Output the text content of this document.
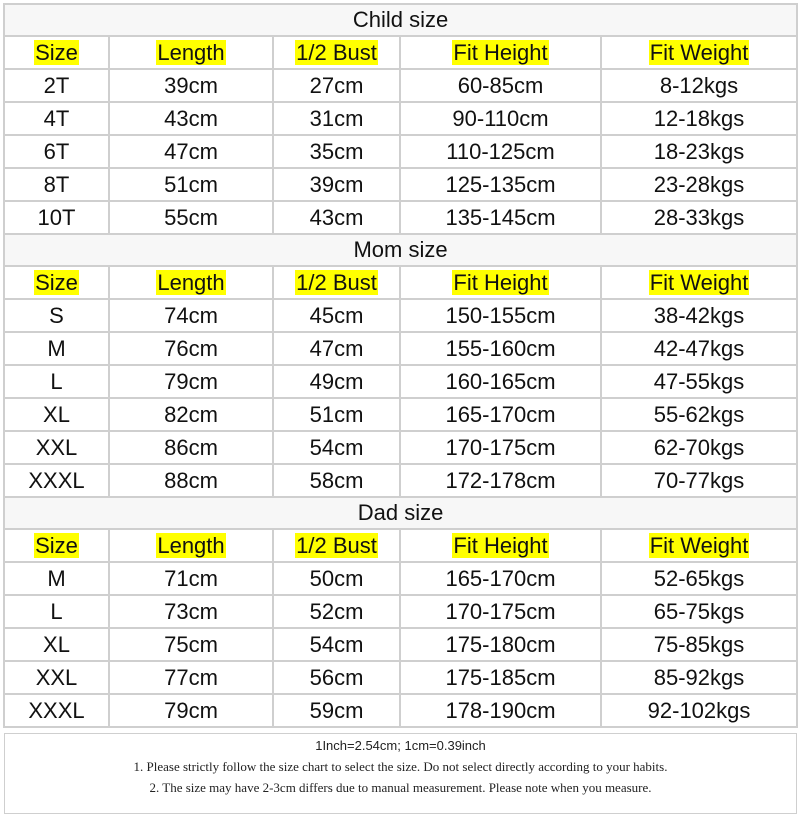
Child size				
Size	Length	1/2 Bust	Fit Height	Fit Weight
2T	39cm	27cm	60-85cm	8-12kgs
4T	43cm	31cm	90-110cm	12-18kgs
6T	47cm	35cm	110-125cm	18-23kgs
8T	51cm	39cm	125-135cm	23-28kgs
10T	55cm	43cm	135-145cm	28-33kgs
Mom size				
Size	Length	1/2 Bust	Fit Height	Fit Weight
S	74cm	45cm	150-155cm	38-42kgs
M	76cm	47cm	155-160cm	42-47kgs
L	79cm	49cm	160-165cm	47-55kgs
XL	82cm	51cm	165-170cm	55-62kgs
XXL	86cm	54cm	170-175cm	62-70kgs
XXXL	88cm	58cm	172-178cm	70-77kgs
Dad size				
Size	Length	1/2 Bust	Fit Height	Fit Weight
M	71cm	50cm	165-170cm	52-65kgs
L	73cm	52cm	170-175cm	65-75kgs
XL	75cm	54cm	175-180cm	75-85kgs
XXL	77cm	56cm	175-185cm	85-92kgs
XXXL	79cm	59cm	178-190cm	92-102kgs
1Inch=2.54cm; 1cm=0.39inch
1. Please strictly follow the size chart to select the size. Do not select directly according to your habits.
2. The size may have 2-3cm differs due to manual measurement. Please note when you measure.
